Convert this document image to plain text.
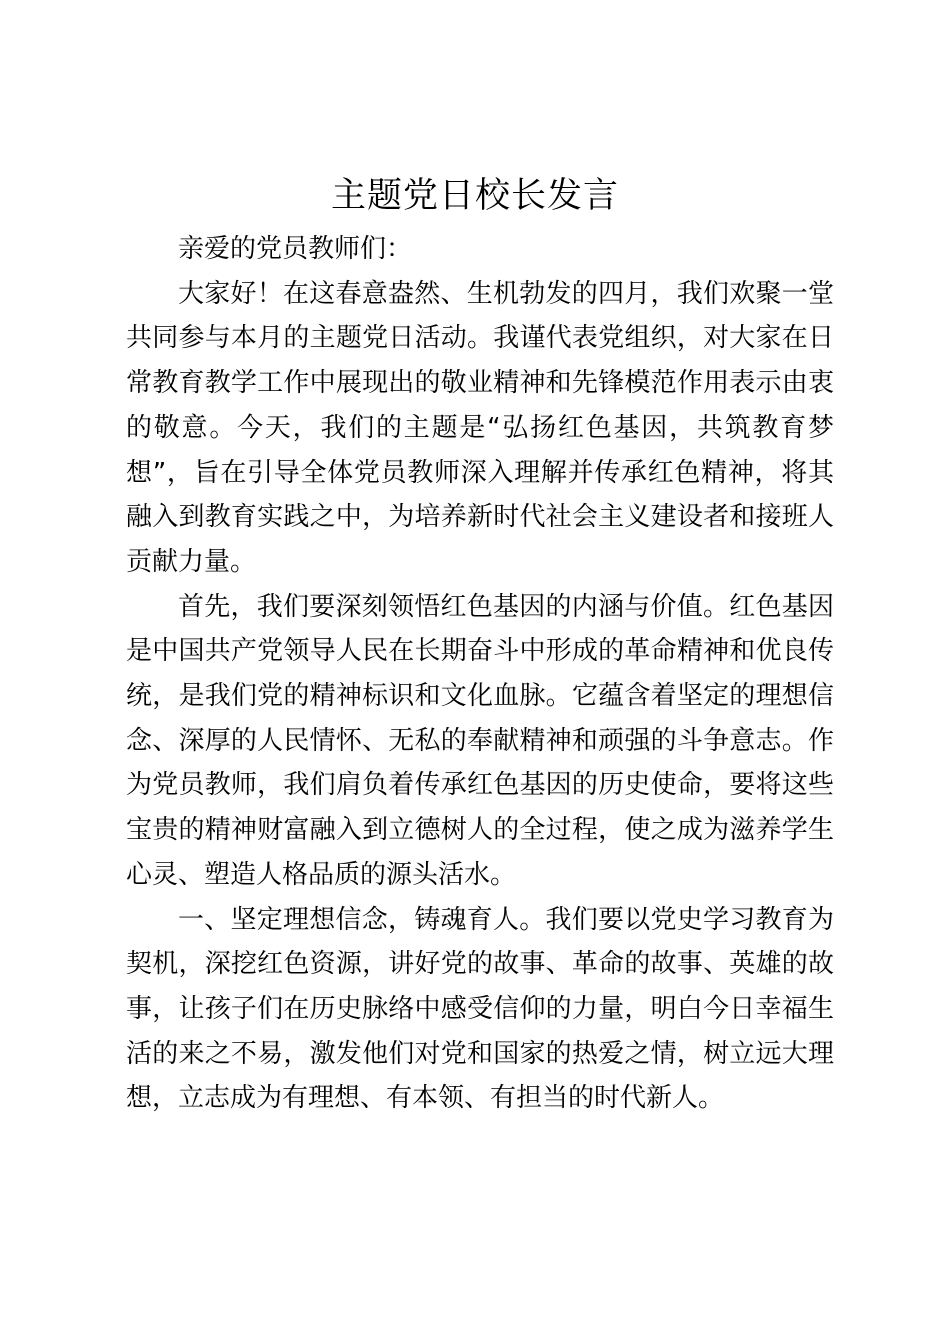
主题党日校长发言

亲爱的党员教师们：

大家好！在这春意盎然、生机勃发的四月，我们欢聚一堂共同参与本月的主题党日活动。我谨代表党组织，对大家在日常教育教学工作中展现出的敬业精神和先锋模范作用表示由衷的敬意。今天，我们的主题是“弘扬红色基因，共筑教育梦想”，旨在引导全体党员教师深入理解并传承红色精神，将其融入到教育实践之中，为培养新时代社会主义建设者和接班人贡献力量。

首先，我们要深刻领悟红色基因的内涵与价值。红色基因是中国共产党领导人民在长期奋斗中形成的革命精神和优良传统，是我们党的精神标识和文化血脉。它蕴含着坚定的理想信念、深厚的人民情怀、无私的奉献精神和顽强的斗争意志。作为党员教师，我们肩负着传承红色基因的历史使命，要将这些宝贵的精神财富融入到立德树人的全过程，使之成为滋养学生心灵、塑造人格品质的源头活水。

一、坚定理想信念，铸魂育人。我们要以党史学习教育为契机，深挖红色资源，讲好党的故事、革命的故事、英雄的故事，让孩子们在历史脉络中感受信仰的力量，明白今日幸福生活的来之不易，激发他们对党和国家的热爱之情，树立远大理想，立志成为有理想、有本领、有担当的时代新人。
